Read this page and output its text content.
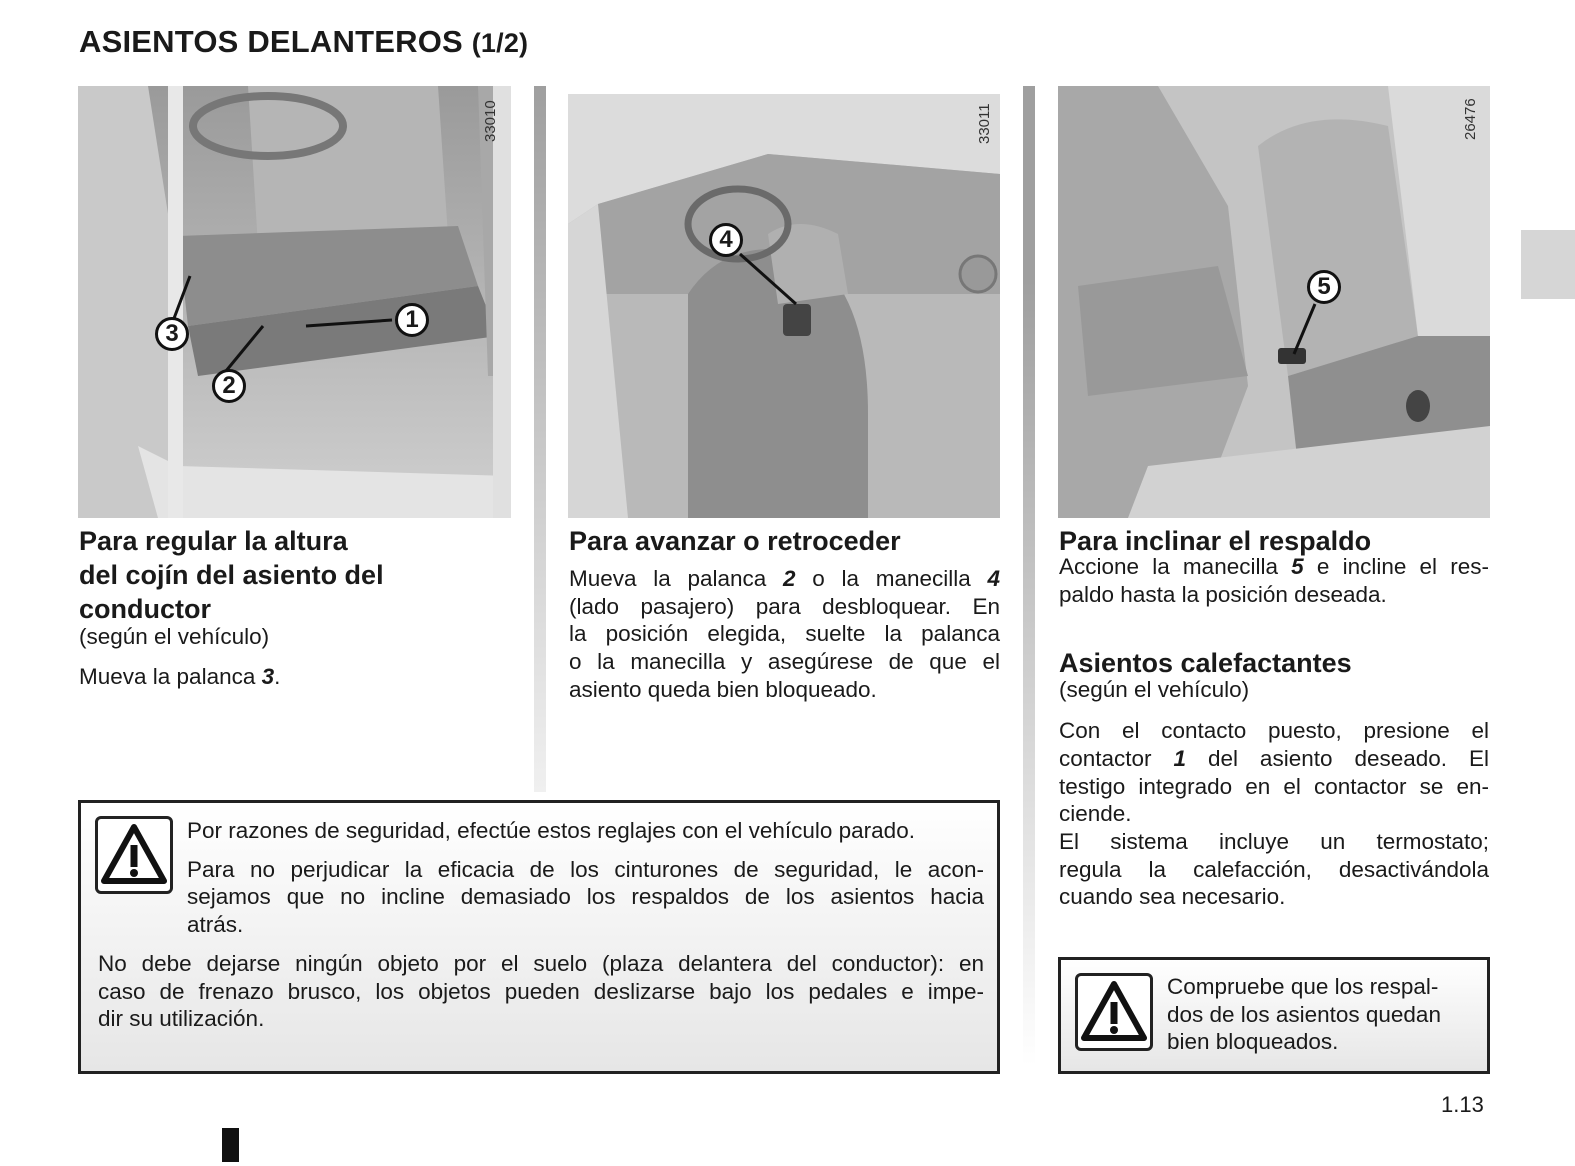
ASIENTOS DELANTEROS (1/2)
33010
1
2
3
33011
4
26476
5
Para regular la altura
del cojín del asiento del
conductor

(según el vehículo)

Mueva la palanca 3.

Para avanzar o retroceder
Mueva la palanca 2 o la manecilla 4
(lado pasajero) para desbloquear. En
la posición elegida, suelte la palanca
o la manecilla y asegúrese de que el
asiento queda bien bloqueado.
Para inclinar el respaldo
Accione la manecilla 5 e incline el res-
paldo hasta la posición deseada.
Asientos calefactantes

(según el vehículo)

Con el contacto puesto, presione el
contactor 1 del asiento deseado. El
testigo integrado en el contactor se en-
ciende.
El sistema incluye un termostato;
regula la calefacción, desactivándola
cuando sea necesario.
Por razones de seguridad, efectúe estos reglajes con el vehículo parado.
Para no perjudicar la eficacia de los cinturones de seguridad, le acon-
sejamos que no incline demasiado los respaldos de los asientos hacia
atrás.
No debe dejarse ningún objeto por el suelo (plaza delantera del conductor): en
caso de frenazo brusco, los objetos pueden deslizarse bajo los pedales e impe-
dir su utilización.
Compruebe que los respal-
dos de los asientos quedan
bien bloqueados.
1.13
